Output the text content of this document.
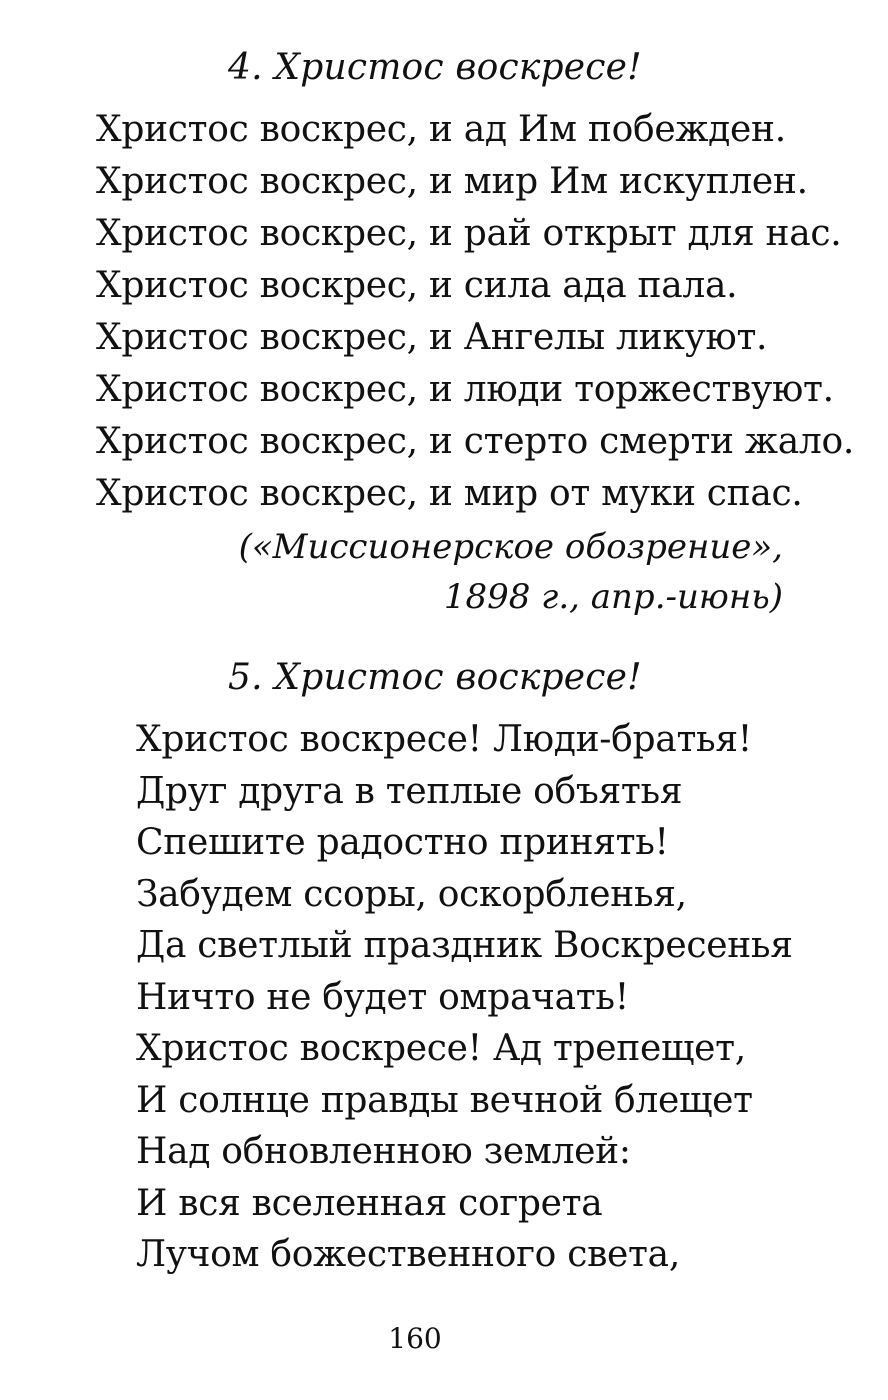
4. Христос воскресе!
Христос воскрес, и ад Им побежден.
Христос воскрес, и мир Им искуплен.
Христос воскрес, и рай открыт для нас.
Христос воскрес, и сила ада пала.
Христос воскрес, и Ангелы ликуют.
Христос воскрес, и люди торжествуют.
Христос воскрес, и стерто смерти жало.
Христос воскрес, и мир от муки спас.
(«Миссионерское обозрение»,
1898 г., апр.-июнь)
5. Христос воскресе!
Христос воскресе! Люди-братья!
Друг друга в теплые объятья
Спешите радостно принять!
Забудем ссоры, оскорбленья,
Да светлый праздник Воскресенья
Ничто не будет омрачать!
Христос воскресе! Ад трепещет,
И солнце правды вечной блещет
Над обновленною землей:
И вся вселенная согрета
Лучом божественного света,
160
